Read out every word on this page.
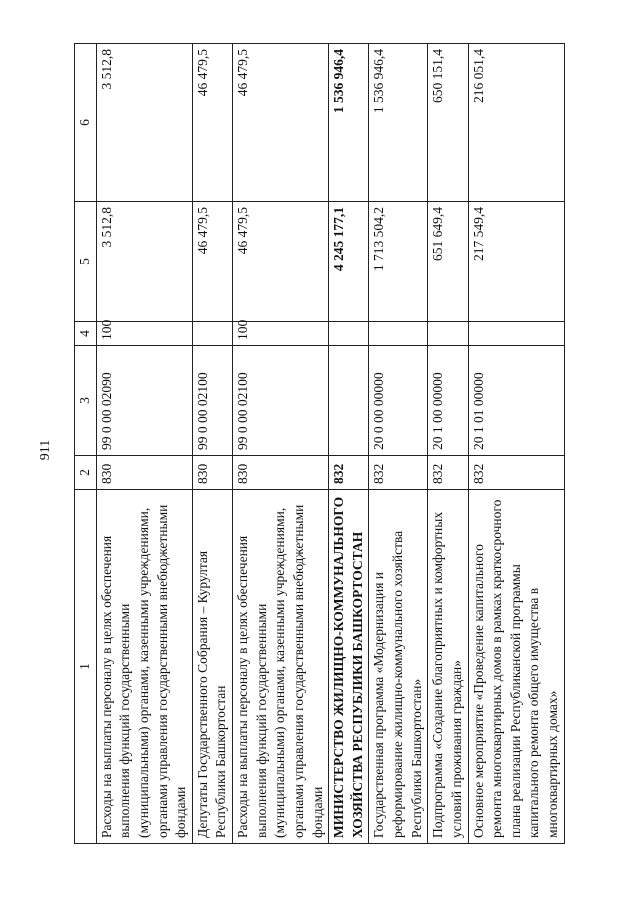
911
1	2	3	4	5	6
Расходы на выплаты персоналу в целях обеспечения выполнения функций государственными (муниципальными) органами, казенными учреждениями, органами управления государственными внебюджетными фондами	830	99 0 00 02090	100	3 512,8	3 512,8
Депутаты Государственного Собрания – Курултая Республики Башкортостан	830	99 0 00 02100		46 479,5	46 479,5
Расходы на выплаты персоналу в целях обеспечения выполнения функций государственными (муниципальными) органами, казенными учреждениями, органами управления государственными внебюджетными фондами	830	99 0 00 02100	100	46 479,5	46 479,5
МИНИСТЕРСТВО ЖИЛИЩНО-КОММУНАЛЬНОГО ХОЗЯЙСТВА РЕСПУБЛИКИ БАШКОРТОСТАН	832			4 245 177,1	1 536 946,4
Государственная программа «Модернизация и реформирование жилищно-коммунального хозяйства Республики Башкортостан»	832	20 0 00 00000		1 713 504,2	1 536 946,4
Подпрограмма «Создание благоприятных и комфортных условий проживания граждан»	832	20 1 00 00000		651 649,4	650 151,4
Основное мероприятие «Проведение капитального ремонта многоквартирных домов в рамках краткосрочного плана реализации Республиканской программы капитального ремонта общего имущества в многоквартирных домах»	832	20 1 01 00000		217 549,4	216 051,4
